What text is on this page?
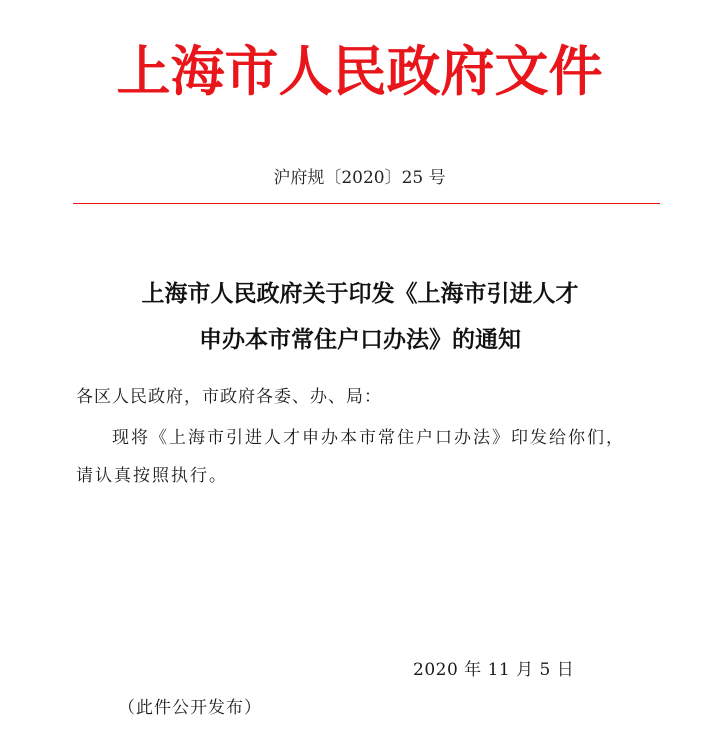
上海市人民政府文件
沪府规〔2020〕25 号
上海市人民政府关于印发《上海市引进人才
申办本市常住户口办法》的通知
各区人民政府，市政府各委、办、局：
现将《上海市引进人才申办本市常住户口办法》印发给你们，
请认真按照执行。
2020 年 11 月 5 日
（此件公开发布）
